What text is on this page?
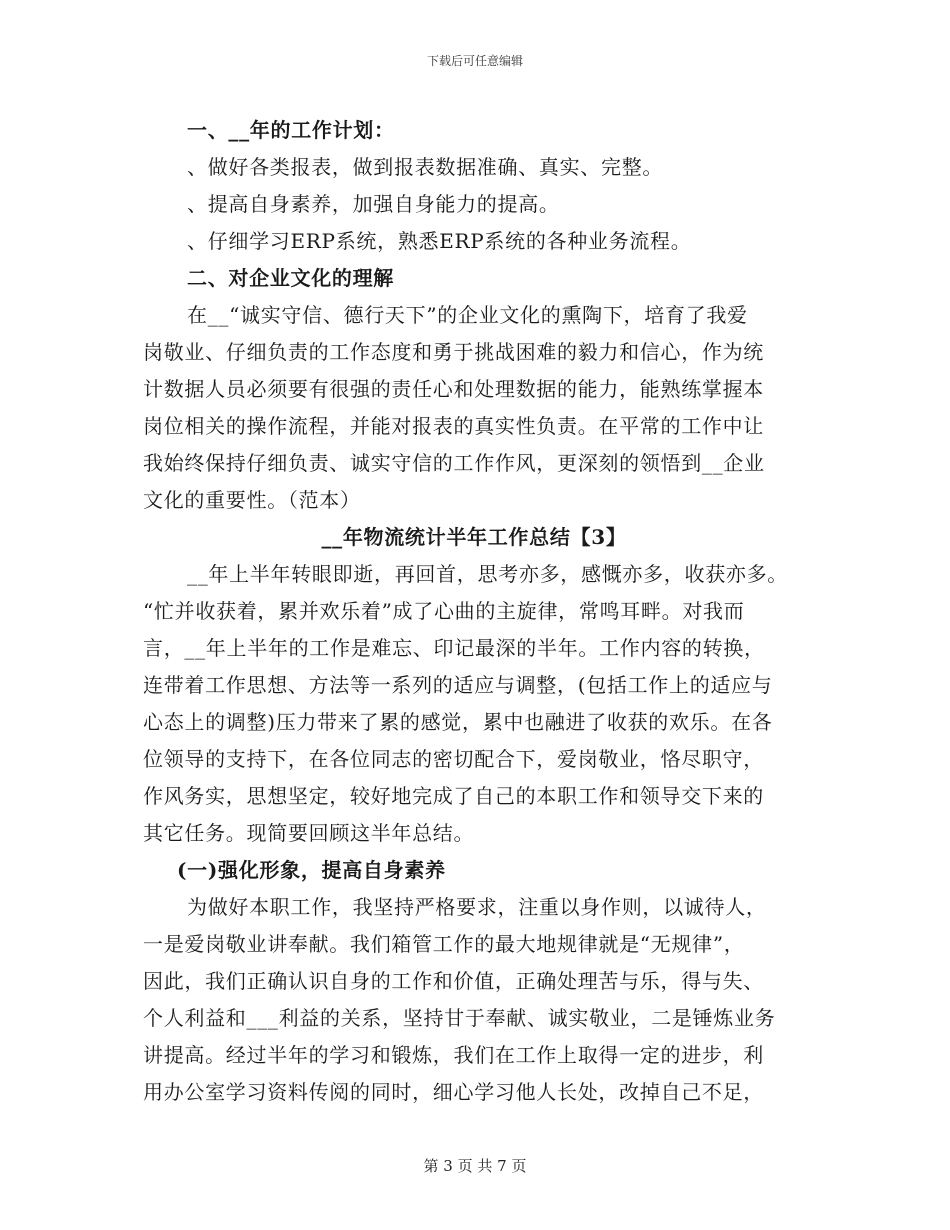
下载后可任意编辑
一、__年的工作计划：
、做好各类报表，做到报表数据准确、真实、完整。
、提高自身素养，加强自身能力的提高。
、仔细学习ERP系统，熟悉ERP系统的各种业务流程。
二、对企业文化的理解
在__“诚实守信、德行天下”的企业文化的熏陶下，培育了我爱
岗敬业、仔细负责的工作态度和勇于挑战困难的毅力和信心，作为统
计数据人员必须要有很强的责任心和处理数据的能力，能熟练掌握本
岗位相关的操作流程，并能对报表的真实性负责。在平常的工作中让
我始终保持仔细负责、诚实守信的工作作风，更深刻的领悟到__企业
文化的重要性。（范本）
__年物流统计半年工作总结【3】
__年上半年转眼即逝，再回首，思考亦多，感慨亦多，收获亦多。
“忙并收获着，累并欢乐着”成了心曲的主旋律，常鸣耳畔。对我而
言，__年上半年的工作是难忘、印记最深的半年。工作内容的转换，
连带着工作思想、方法等一系列的适应与调整，(包括工作上的适应与
心态上的调整)压力带来了累的感觉，累中也融进了收获的欢乐。在各
位领导的支持下，在各位同志的密切配合下，爱岗敬业，恪尽职守，
作风务实，思想坚定，较好地完成了自己的本职工作和领导交下来的
其它任务。现简要回顾这半年总结。
(一)强化形象，提高自身素养
为做好本职工作，我坚持严格要求，注重以身作则，以诚待人，
一是爱岗敬业讲奉献。我们箱管工作的最大地规律就是“无规律”，
因此，我们正确认识自身的工作和价值，正确处理苦与乐，得与失、
个人利益和___利益的关系，坚持甘于奉献、诚实敬业，二是锤炼业务
讲提高。经过半年的学习和锻炼，我们在工作上取得一定的进步，利
用办公室学习资料传阅的同时，细心学习他人长处，改掉自己不足，
第 3 页 共 7 页
